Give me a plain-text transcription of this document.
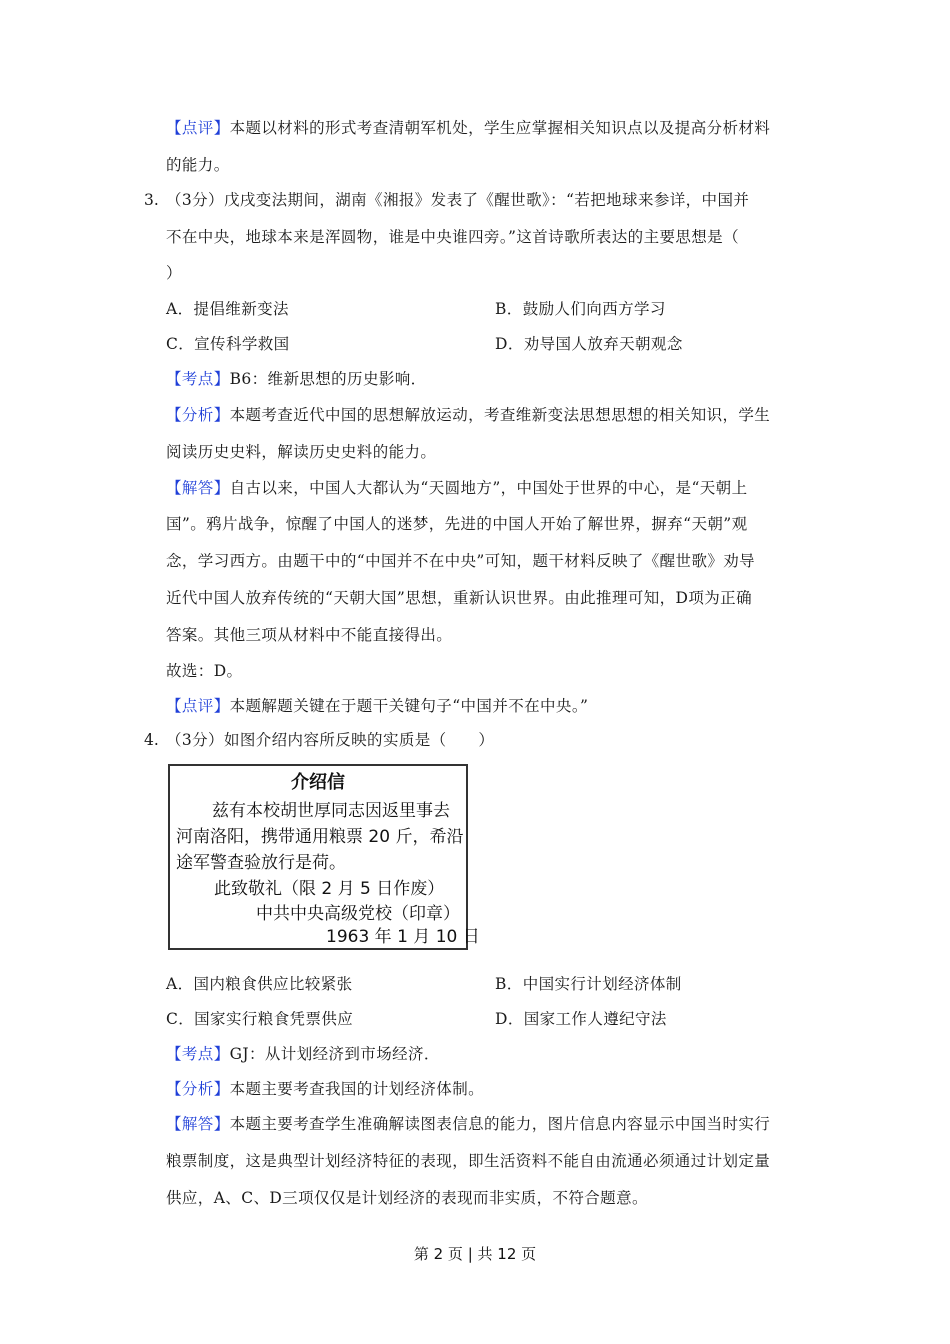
【点评】本题以材料的形式考查清朝军机处，学生应掌握相关知识点以及提高分析材料
的能力。
3. （3分）戊戌变法期间，湖南《湘报》发表了《醒世歌》：“若把地球来参详，中国并
不在中央，地球本来是浑圆物，谁是中央谁四旁。”这首诗歌所表达的主要思想是（
）
A．提倡维新变法	B．鼓励人们向西方学习
C．宣传科学救国	D．劝导国人放弃天朝观念
【考点】B6：维新思想的历史影响．
【分析】本题考查近代中国的思想解放运动，考查维新变法思想思想的相关知识，学生
阅读历史史料，解读历史史料的能力。
【解答】自古以来，中国人大都认为“天圆地方”，中国处于世界的中心，是“天朝上
国”。鸦片战争，惊醒了中国人的迷梦，先进的中国人开始了解世界，摒弃“天朝”观
念，学习西方。由题干中的“中国并不在中央”可知，题干材料反映了《醒世歌》劝导
近代中国人放弃传统的“天朝大国”思想，重新认识世界。由此推理可知，D项为正确
答案。其他三项从材料中不能直接得出。
故选：D。
【点评】本题解题关键在于题干关键句子“中国并不在中央。”
4. （3分）如图介绍内容所反映的实质是（　　）
介绍信
兹有本校胡世厚同志因返里事去
河南洛阳，携带通用粮票 20 斤，希沿
途军警查验放行是荷。
此致敬礼（限 2 月 5 日作废）
中共中央高级党校（印章）
1963 年 1 月 10 日
A．国内粮食供应比较紧张	B．中国实行计划经济体制
C．国家实行粮食凭票供应	D．国家工作人遵纪守法
【考点】GJ：从计划经济到市场经济．
【分析】本题主要考查我国的计划经济体制。
【解答】本题主要考查学生准确解读图表信息的能力，图片信息内容显示中国当时实行
粮票制度，这是典型计划经济特征的表现，即生活资料不能自由流通必须通过计划定量
供应，A、C、D三项仅仅是计划经济的表现而非实质，不符合题意。
第 2 页 | 共 12 页
